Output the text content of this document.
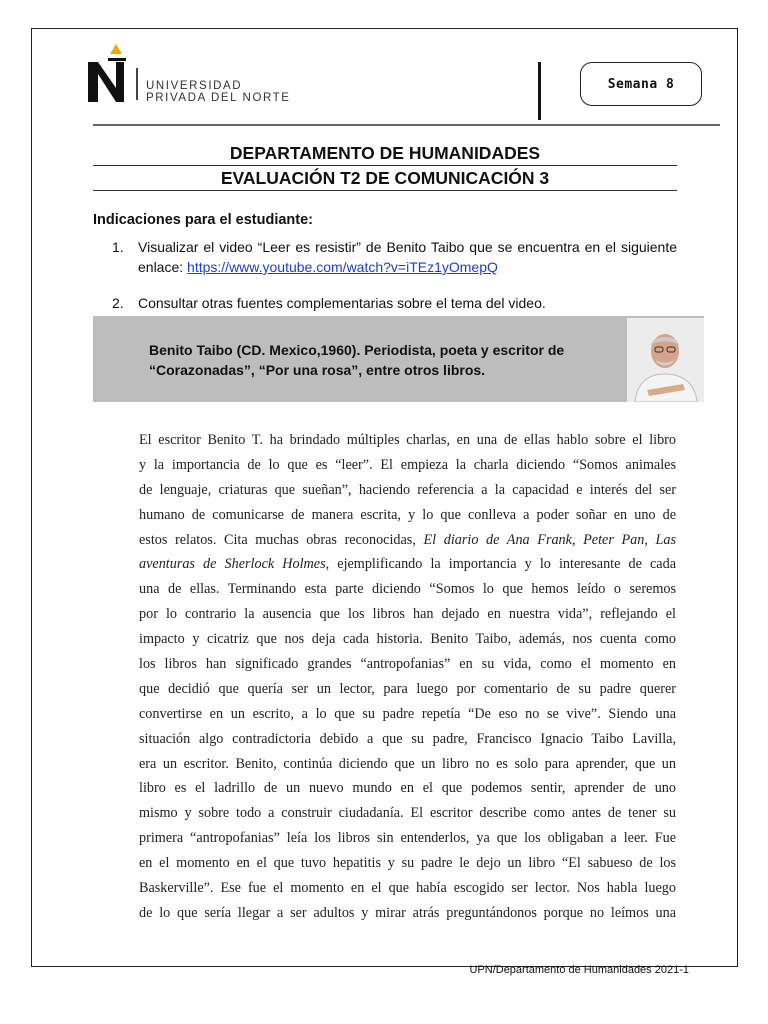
UNIVERSIDAD
PRIVADA DEL NORTE
Semana 8
DEPARTAMENTO DE HUMANIDADES
EVALUACIÓN T2 DE COMUNICACIÓN 3
Indicaciones para el estudiante:
1. Visualizar el video “Leer es resistir” de Benito Taibo que se encuentra en el siguiente enlace: https://www.youtube.com/watch?v=iTEz1yOmepQ
2. Consultar otras fuentes complementarias sobre el tema del video.
Benito Taibo (CD. Mexico,1960). Periodista, poeta y escritor de “Corazonadas”, “Por una rosa”, entre otros libros.
El escritor Benito T. ha brindado múltiples charlas, en una de ellas hablo sobre el libro
y la importancia de lo que es “leer”. El empieza la charla diciendo “Somos animales
de lenguaje, criaturas que sueñan”, haciendo referencia a la capacidad e interés del ser
humano de comunicarse de manera escrita, y lo que conlleva a poder soñar en uno de
estos relatos. Cita muchas obras reconocidas, El diario de Ana Frank, Peter Pan, Las
aventuras de Sherlock Holmes, ejemplificando la importancia y lo interesante de cada
una de ellas. Terminando esta parte diciendo “Somos lo que hemos leído o seremos
por lo contrario la ausencia que los libros han dejado en nuestra vida”, reflejando el
impacto y cicatriz que nos deja cada historia. Benito Taibo, además, nos cuenta como
los libros han significado grandes “antropofanias” en su vida, como el momento en
que decidió que quería ser un lector, para luego por comentario de su padre querer
convertirse en un escrito, a lo que su padre repetía “De eso no se vive”. Siendo una
situación algo contradictoria debido a que su padre, Francisco Ignacio Taibo Lavilla,
era un escritor. Benito, continúa diciendo que un libro no es solo para aprender, que un
libro es el ladrillo de un nuevo mundo en el que podemos sentir, aprender de uno
mismo y sobre todo a construir ciudadanía. El escritor describe como antes de tener su
primera “antropofanias” leía los libros sin entenderlos, ya que los obligaban a leer. Fue
en el momento en el que tuvo hepatitis y su padre le dejo un libro “El sabueso de los
Baskerville”. Ese fue el momento en el que había escogido ser lector. Nos habla luego
de lo que sería llegar a ser adultos y mirar atrás preguntándonos porque no leímos una
UPN/Departamento de Humanidades 2021-1
